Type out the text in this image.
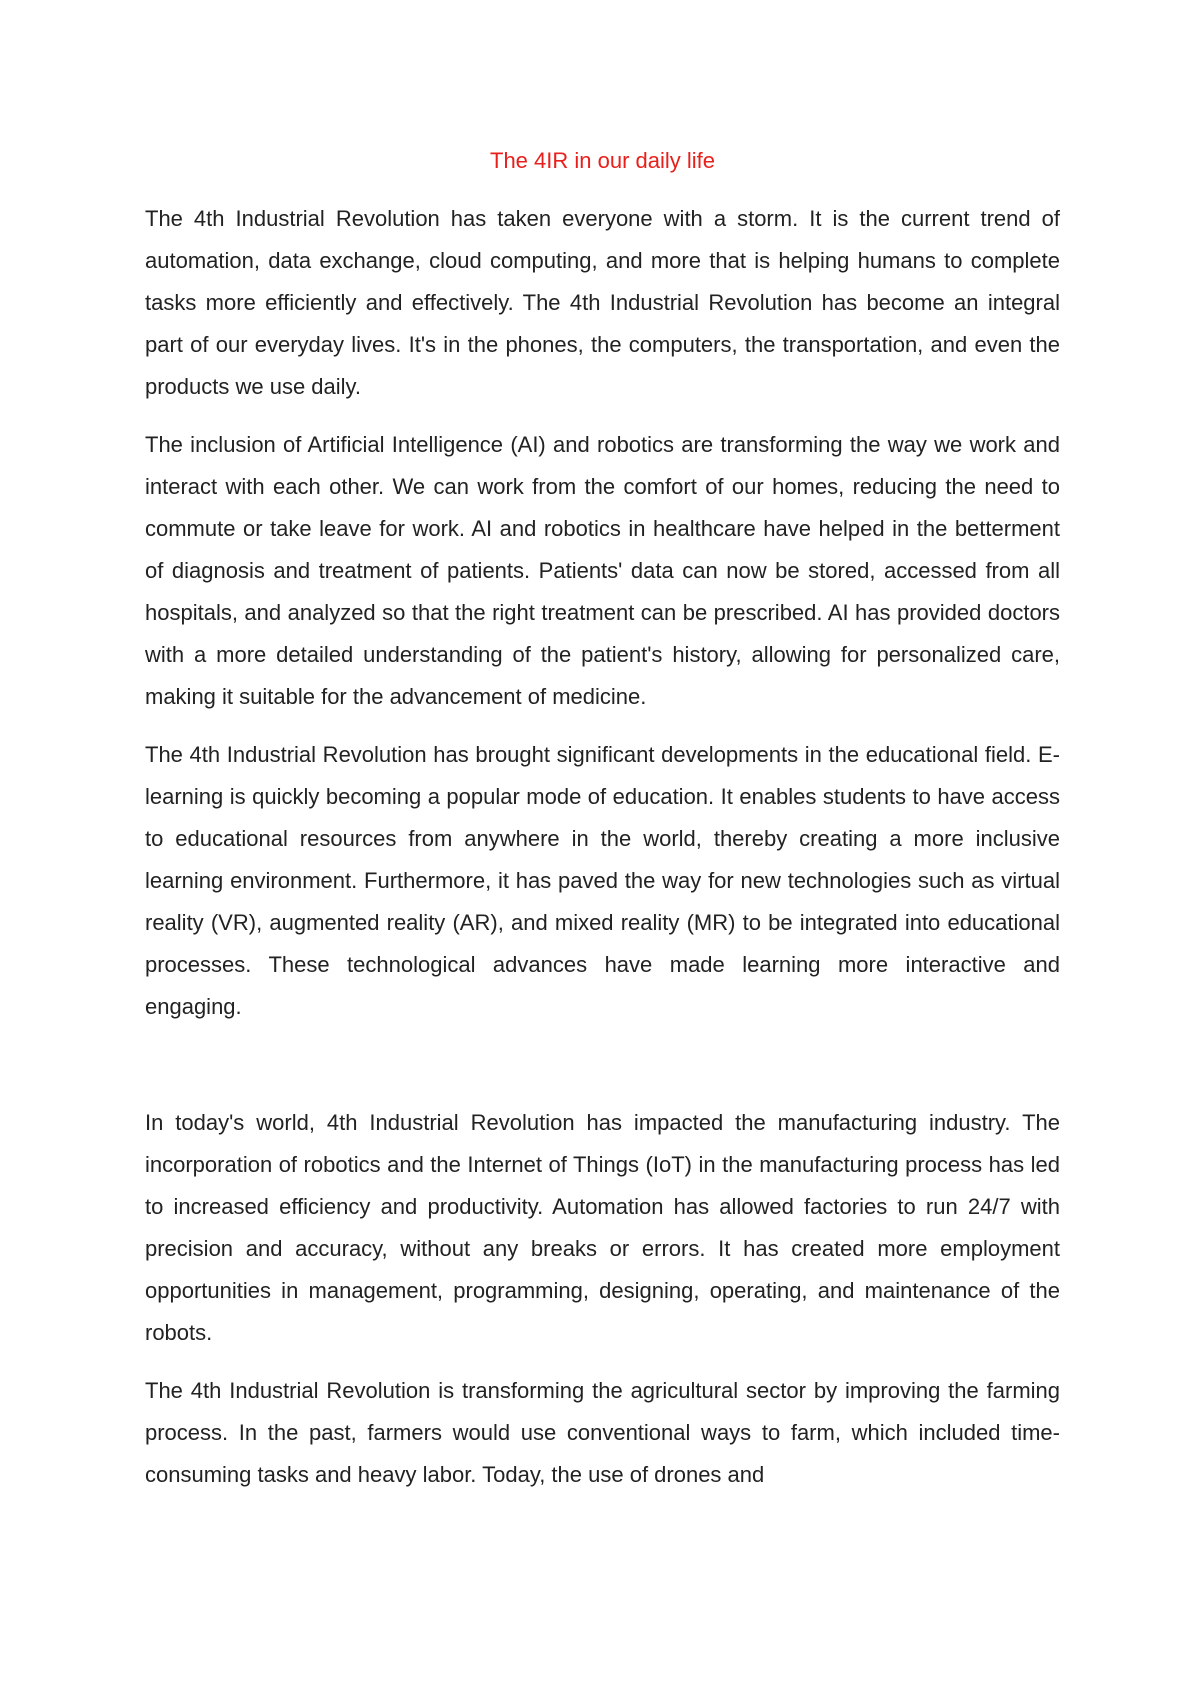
The 4IR in our daily life

The 4th Industrial Revolution has taken everyone with a storm. It is the current trend of automation, data exchange, cloud computing, and more that is helping humans to complete tasks more efficiently and effectively. The 4th Industrial Revolution has become an integral part of our everyday lives. It's in the phones, the computers, the transportation, and even the products we use daily.

The inclusion of Artificial Intelligence (AI) and robotics are transforming the way we work and interact with each other. We can work from the comfort of our homes, reducing the need to commute or take leave for work. AI and robotics in healthcare have helped in the betterment of diagnosis and treatment of patients. Patients' data can now be stored, accessed from all hospitals, and analyzed so that the right treatment can be prescribed. AI has provided doctors with a more detailed understanding of the patient's history, allowing for personalized care, making it suitable for the advancement of medicine.

The 4th Industrial Revolution has brought significant developments in the educational field. E-learning is quickly becoming a popular mode of education. It enables students to have access to educational resources from anywhere in the world, thereby creating a more inclusive learning environment. Furthermore, it has paved the way for new technologies such as virtual reality (VR), augmented reality (AR), and mixed reality (MR) to be integrated into educational processes. These technological advances have made learning more interactive and engaging.

In today's world, 4th Industrial Revolution has impacted the manufacturing industry. The incorporation of robotics and the Internet of Things (IoT) in the manufacturing process has led to increased efficiency and productivity. Automation has allowed factories to run 24/7 with precision and accuracy, without any breaks or errors. It has created more employment opportunities in management, programming, designing, operating, and maintenance of the robots.

The 4th Industrial Revolution is transforming the agricultural sector by improving the farming process. In the past, farmers would use conventional ways to farm, which included time-consuming tasks and heavy labor. Today, the use of drones and
